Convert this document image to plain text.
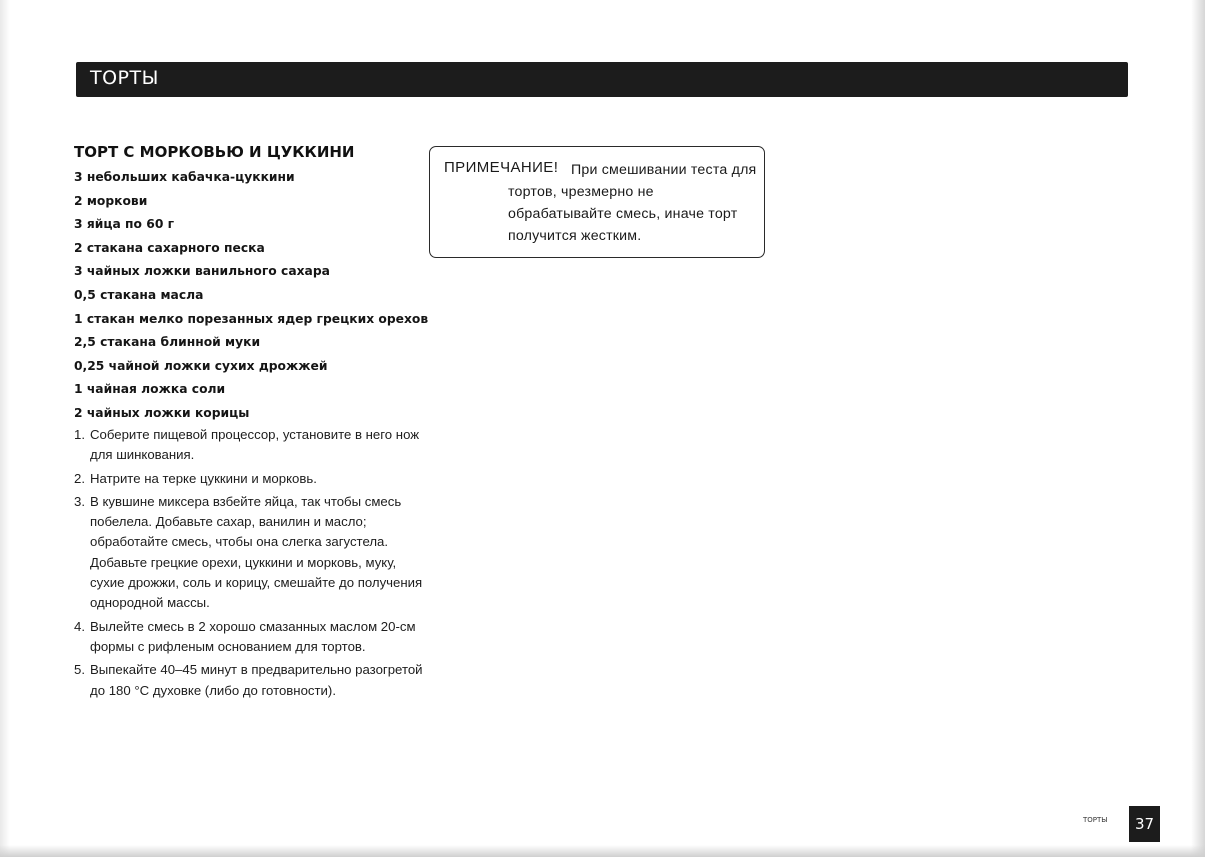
ТОРТЫ
ТОРТ С МОРКОВЬЮ И ЦУККИНИ
3 небольших кабачка-цуккини
2 моркови
3 яйца по 60 г
2 стакана сахарного песка
3 чайных ложки ванильного сахара
0,5 стакана масла
1 стакан мелко порезанных ядер грецких орехов
2,5 стакана блинной муки
0,25 чайной ложки сухих дрожжей
1 чайная ложка соли
2 чайных ложки корицы
1. Соберите пищевой процессор, установите в него нож для шинкования.
2. Натрите на терке цуккини и морковь.
3. В кувшине миксера взбейте яйца, так чтобы смесь побелела. Добавьте сахар, ванилин и масло; обработайте смесь, чтобы она слегка загустела. Добавьте грецкие орехи, цуккини и морковь, муку, сухие дрожжи, соль и корицу, смешайте до получения однородной массы.
4. Вылейте смесь в 2 хорошо смазанных маслом 20-см формы с рифленым основанием для тортов.
5. Выпекайте 40–45 минут в предварительно разогретой до 180 °C духовке (либо до готовности).
ПРИМЕЧАНИЕ! При смешивании теста для тортов, чрезмерно не обрабатывайте смесь, иначе торт получится жестким.
ТОРТЫ	37
